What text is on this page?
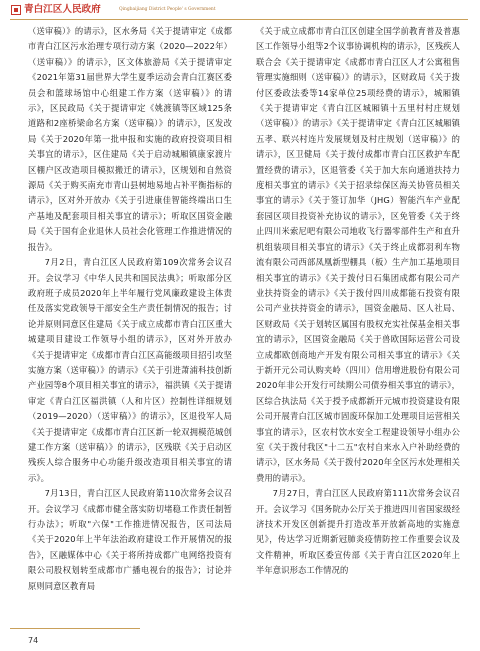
青白江区人民政府	Qingbaijiang District People' s Government

（送审稿）》的请示》，区水务局《关于提请审定《成都市青白江区污水治理专项行动方案（2020—2022年）（送审稿）》的请示》，区文体旅游局《关于提请审定《2021年第31届世界大学生夏季运动会青白江赛区委员会和篮球场馆中心组建工作方案（送审稿）》的请示》，区民政局《关于提请审定《姚渡镇等区域125条道路和2座桥梁命名方案（送审稿）》的请示》，区发改局《关于2020年第一批申报和实施的政府投资项目相关事宜的请示》，区住建局《关于启动城厢镇康家渡片区棚户区改造项目模拟搬迁的请示》，区规划和自然资源局《关于购买南充市青山县树地易地占补平衡指标的请示》，区对外开放办《关于引进康佳智能终端出口生产基地及配套项目相关事宜的请示》；听取区国资金融局《关于国有企业退休人员社会化管理工作推进情况的报告》。

7月2日，青白江区人民政府第109次常务会议召开。会议学习《中华人民共和国民法典》；听取部分区政府班子成员2020年上半年履行党风廉政建设主体责任及落实党政领导干部安全生产责任制情况的报告；讨论并原则同意区住建局《关于成立成都市青白江区重大城建项目建设工作领导小组的请示》，区对外开放办《关于提请审定《成都市青白江区高能级项目招引攻坚实施方案（送审稿）》的请示》《关于引进萧浦科技创新产业园等8个项目相关事宜的请示》，福洪镇《关于提请审定《青白江区福洪镇（人和片区）控制性详细规划（2019—2020）（送审稿）》的请示》，区退役军人局《关于提请审定《成都市青白江区新一轮双拥模范城创建工作方案（送审稿）》的请示》，区残联《关于启动区残疾人综合服务中心功能升级改造项目相关事宜的请示》。

7月13日，青白江区人民政府第110次常务会议召开。会议学习《成都市健全落实防切堵稳工作责任制暂行办法》；听取"六保"工作推进情况报告，区司法局《关于2020年上半年法治政府建设工作开展情况的报告》，区融媒体中心《关于将所持成都广电网络投资有限公司股权划转至成都市广播电视台的报告》；讨论并原则同意区教育局

《关于成立成都市青白江区创建全国学前教育普及普惠区工作领导小组等2个议事协调机构的请示》，区残疾人联合会《关于提请审定《成都市青白江区人才公寓租售管理实施细则（送审稿）》的请示》，区财政局《关于拨付区委政法委等14家单位25项经费的请示》，城厢镇《关于提请审定《青白江区城厢镇十五里村村庄规划（送审稿）》的请示》《关于提请审定《青白江区城厢镇五孝、联兴村连片发展规划及村庄规划（送审稿）》的请示》，区卫健局《关于拨付成都市青白江区救护车配置经费的请示》，区退管委《关于加大东向通道扶持力度相关事宜的请示》《关于招录综保区海关协管员相关事宜的请示》《关于签订加华（JHG）智能汽车产业配套园区项目投资补充协议的请示》，区免管委《关于终止四川米索尼吧有限公司地收飞行器零部件生产和直升机组装项目相关事宜的请示》《关于终止成都羽利车物流有限公司西部凤凰新型棚具（板）生产加工基地项目相关事宜的请示》《关于拨付日石集团成都有限公司产业扶持资金的请示》《关于拨付四川成都能石投资有限公司产业扶持资金的请示》，国资金融局、区人社局、区财政局《关于划转区属国有股权充实社保基金相关事宜的请示》，区国资金融局《关于兽欧国际运营公司设立成都欧创商地产开发有限公司相关事宜的请示》《关于新开元公司认购夹岭（四川）信用增进股份有限公司2020年非公开发行可续期公司债券相关事宜的请示》，区综合执法局《关于授予成都新开元城市投资建设有限公司开展青白江区城市固废环保加工处理项目运营相关事宜的请示》，区农村饮水安全工程建设领导小组办公室《关于拨付我区"十二五"农村自来水入户补助经费的请示》，区水务局《关于拨付2020年全区污水处理相关费用的请示》。

7月27日，青白江区人民政府第111次常务会议召开。会议学习《国务院办公厅关于推进四川省国家级经济技术开发区创新提升打造改革开放新高地的实施意见》，传达学习近期新冠肺炎疫情防控工作重要会议及文件精神，听取区委宣传部《关于青白江区2020年上半年意识形态工作情况的

74
